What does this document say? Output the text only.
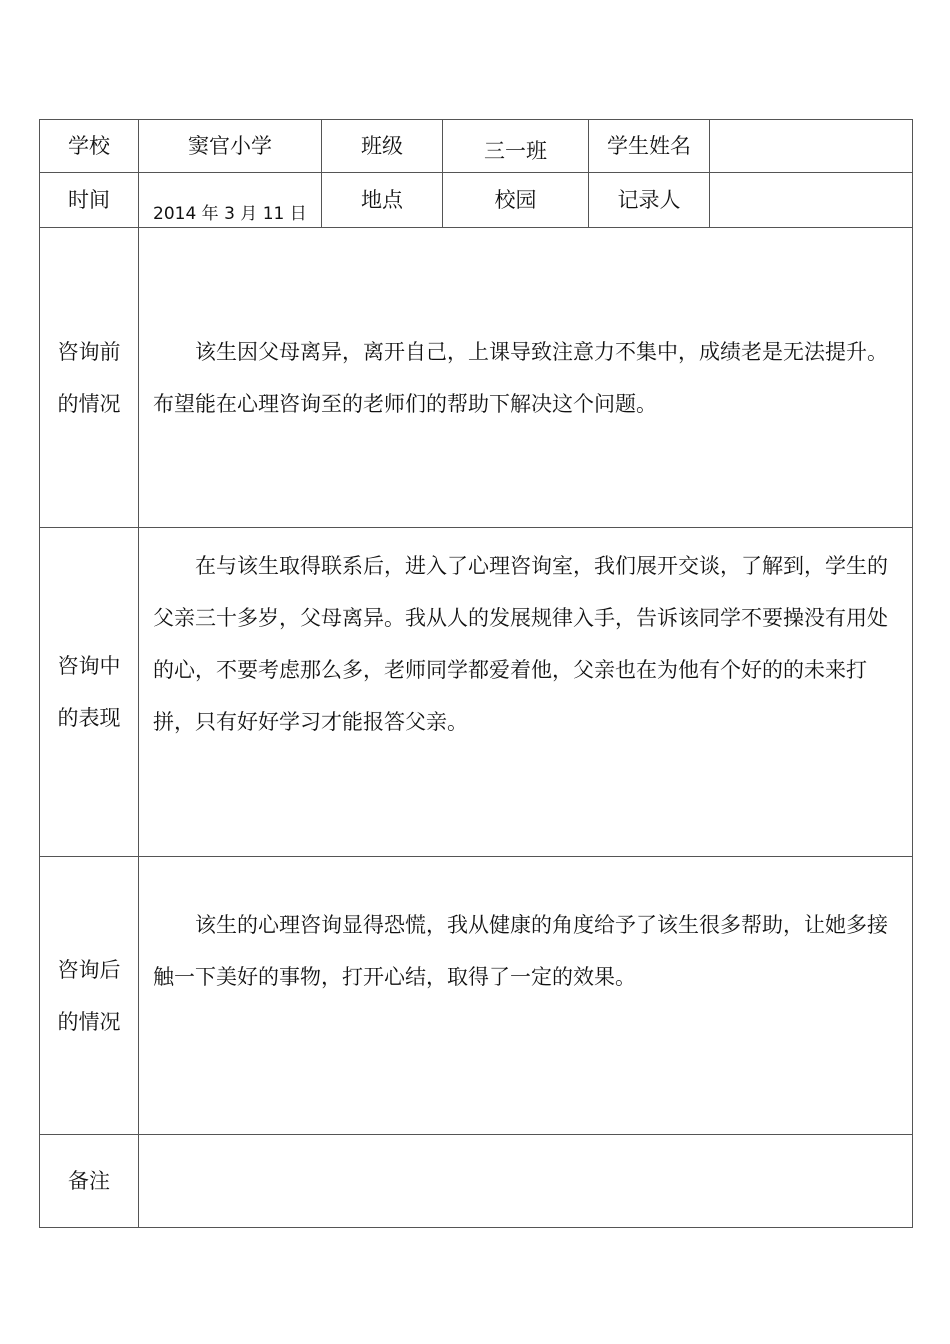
学校	窦官小学	班级	三一班	学生姓名	
时间	2014 年 3 月 11 日	地点	校园	记录人	

咨询前
的情况	该生因父母离异，离开自己，上课导致注意力不集中，成绩老是无法提升。布望能在心理咨询至的老师们的帮助下解决这个问题。				

咨询中
的表现	在与该生取得联系后，进入了心理咨询室，我们展开交谈，了解到，学生的父亲三十多岁，父母离异。我从人的发展规律入手，告诉该同学不要操没有用处的心，不要考虑那么多，老师同学都爱着他，父亲也在为他有个好的的未来打拼，只有好好学习才能报答父亲。				

咨询后
的情况	该生的心理咨询显得恐慌，我从健康的角度给予了该生很多帮助，让她多接触一下美好的事物，打开心结，取得了一定的效果。				

备注					
